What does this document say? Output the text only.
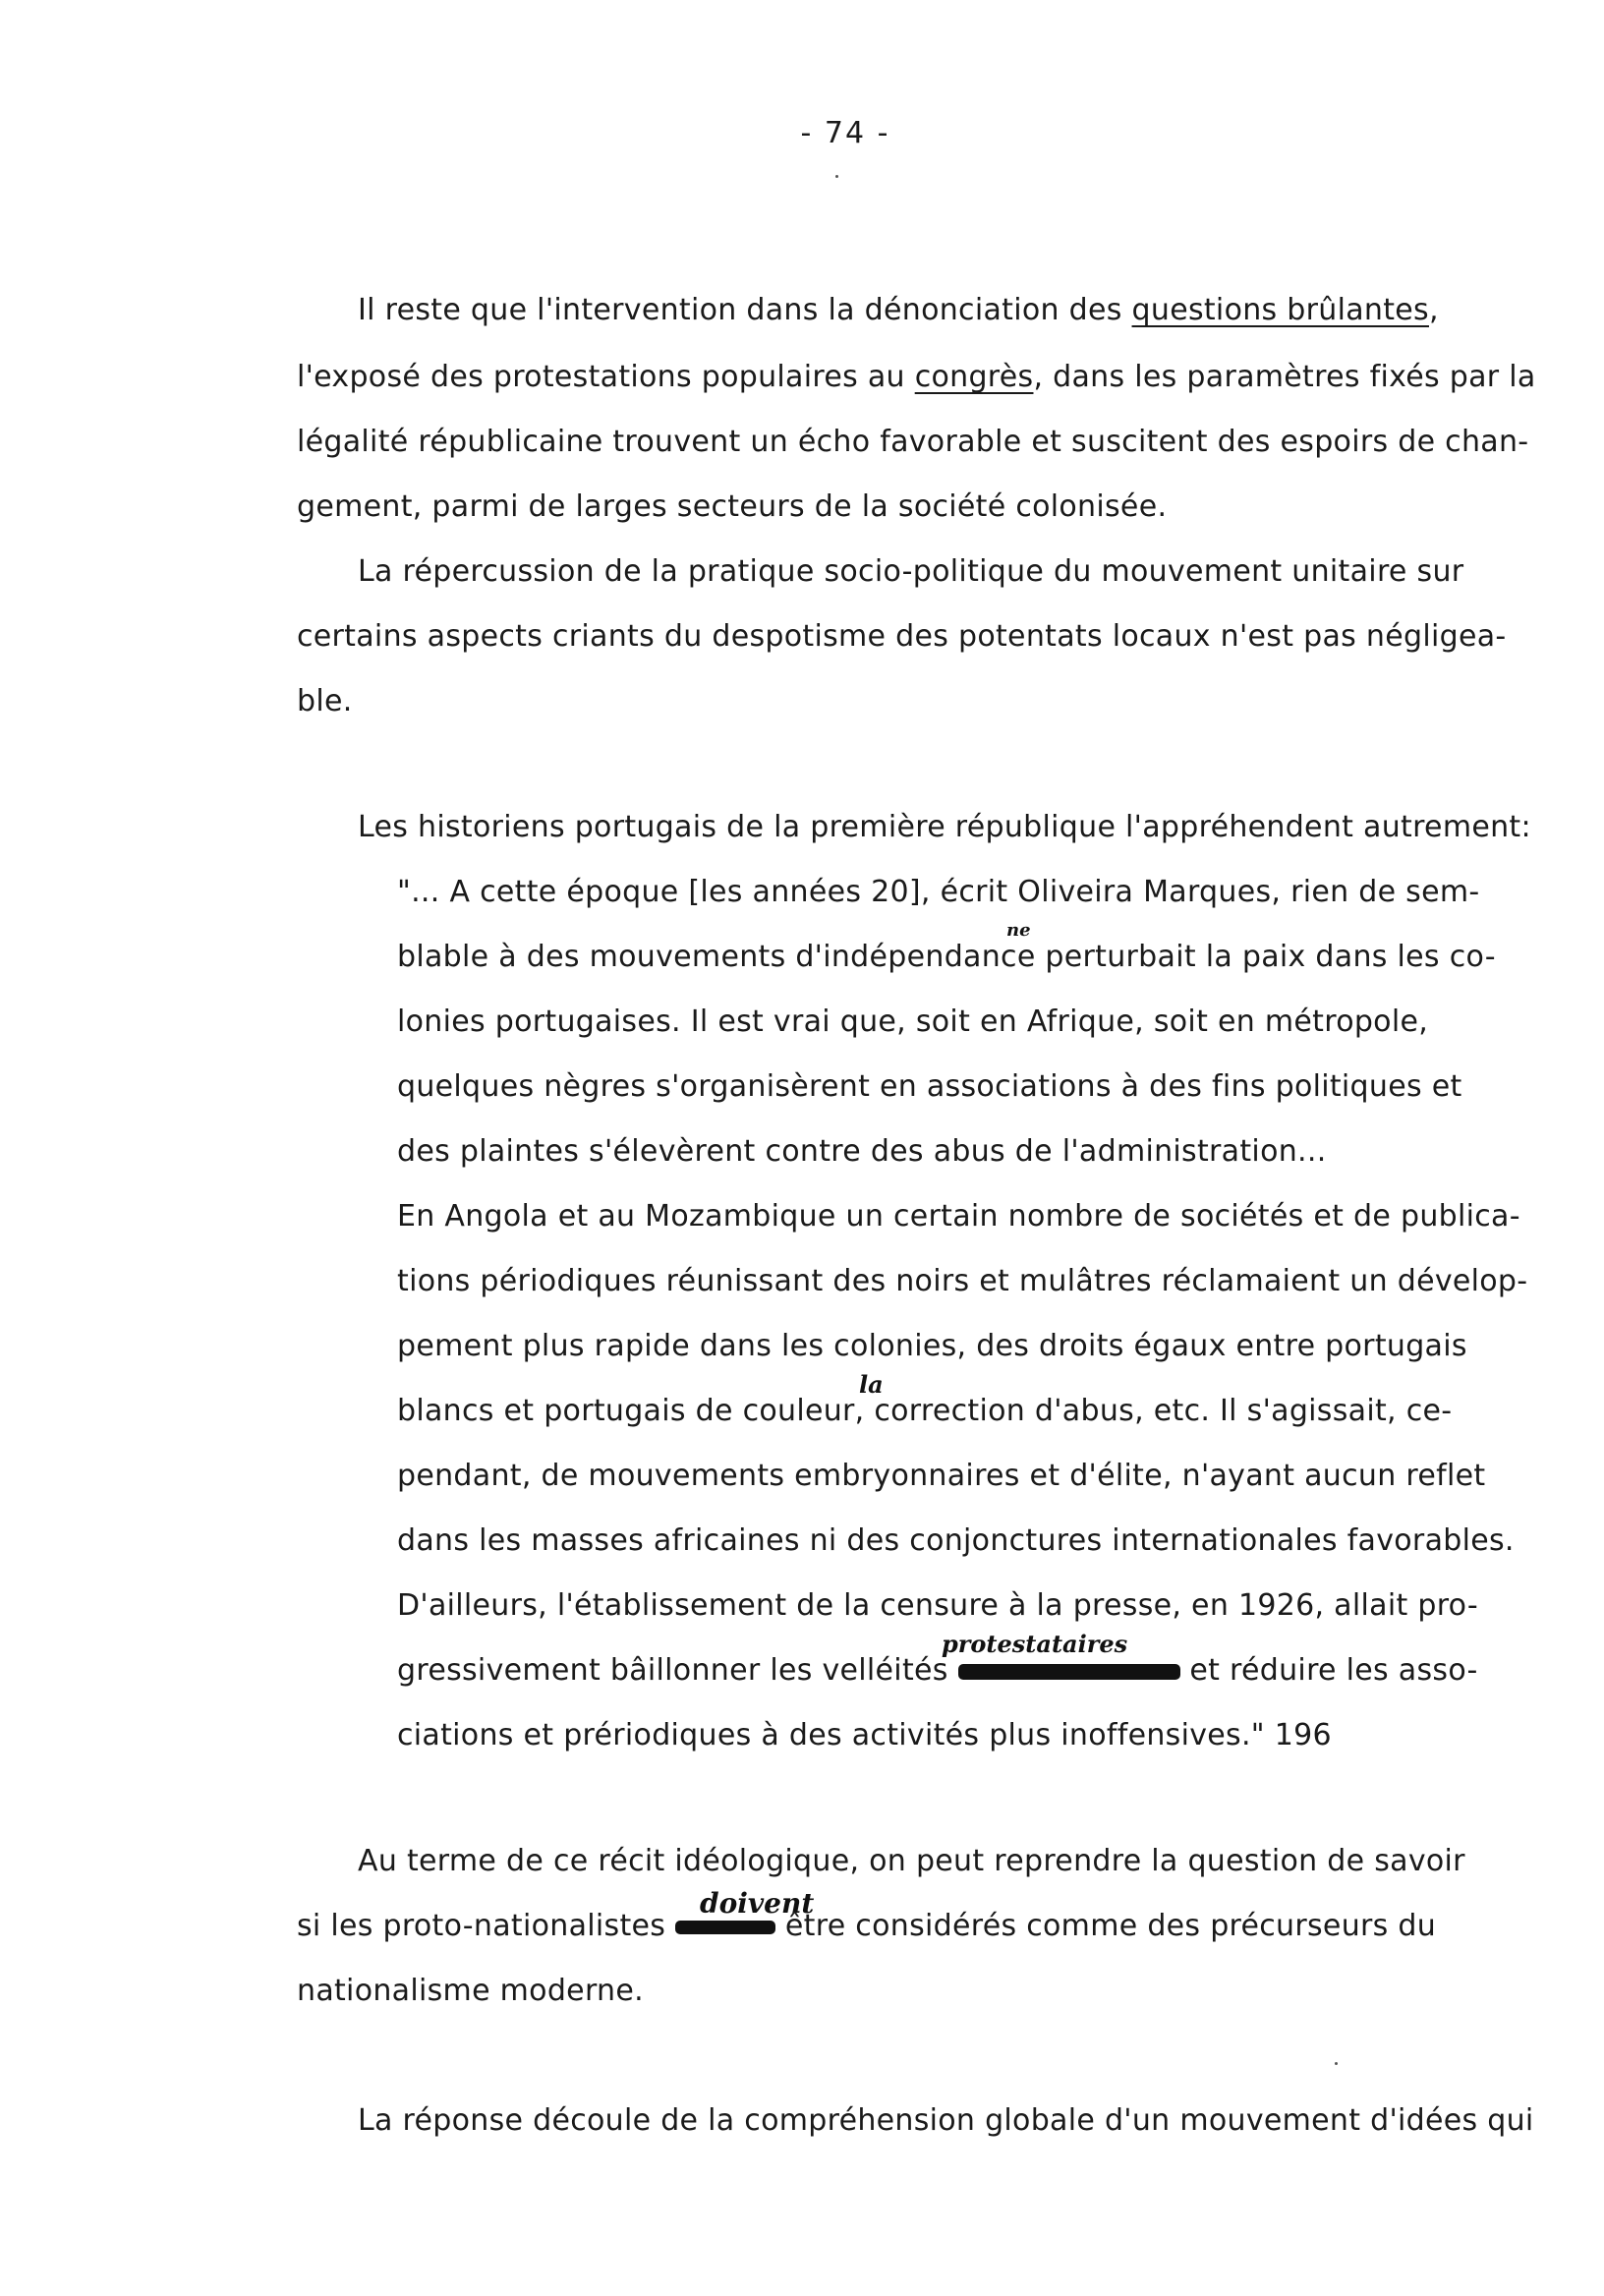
- 74 -
Il reste que l'intervention dans la dénonciation des questions brûlantes,
l'exposé des protestations populaires au congrès, dans les paramètres fixés par la
légalité républicaine trouvent un écho favorable et suscitent des espoirs de chan-
gement, parmi de larges secteurs de la société colonisée.
La répercussion de la pratique socio-politique du mouvement unitaire sur
certains aspects criants du despotisme des potentats locaux n'est pas négligea-
ble.
Les historiens portugais de la première république l'appréhendent autrement:
"... A cette époque [les années 20], écrit Oliveira Marques, rien de sem-
ne
blable à des mouvements d'indépendance perturbait la paix dans les co-
lonies portugaises. Il est vrai que, soit en Afrique, soit en métropole,
quelques nègres s'organisèrent en associations à des fins politiques et
des plaintes s'élevèrent contre des abus de l'administration...
En Angola et au Mozambique un certain nombre de sociétés et de publica-
tions périodiques réunissant des noirs et mulâtres réclamaient un dévelop-
pement plus rapide dans les colonies, des droits égaux entre portugais
la
blancs et portugais de couleur, correction d'abus, etc. Il s'agissait, ce-
pendant, de mouvements embryonnaires et d'élite, n'ayant aucun reflet
dans les masses africaines ni des conjonctures internationales favorables.
D'ailleurs, l'établissement de la censure à la presse, en 1926, allait pro-
protestataires
gressivement bâillonner les velléités	et réduire les asso-
ciations et prériodiques à des activités plus inoffensives." 196
Au terme de ce récit idéologique, on peut reprendre la question de savoir
doivent
si les proto-nationalistes	être considérés comme des précurseurs du
nationalisme moderne.
La réponse découle de la compréhension globale d'un mouvement d'idées qui
